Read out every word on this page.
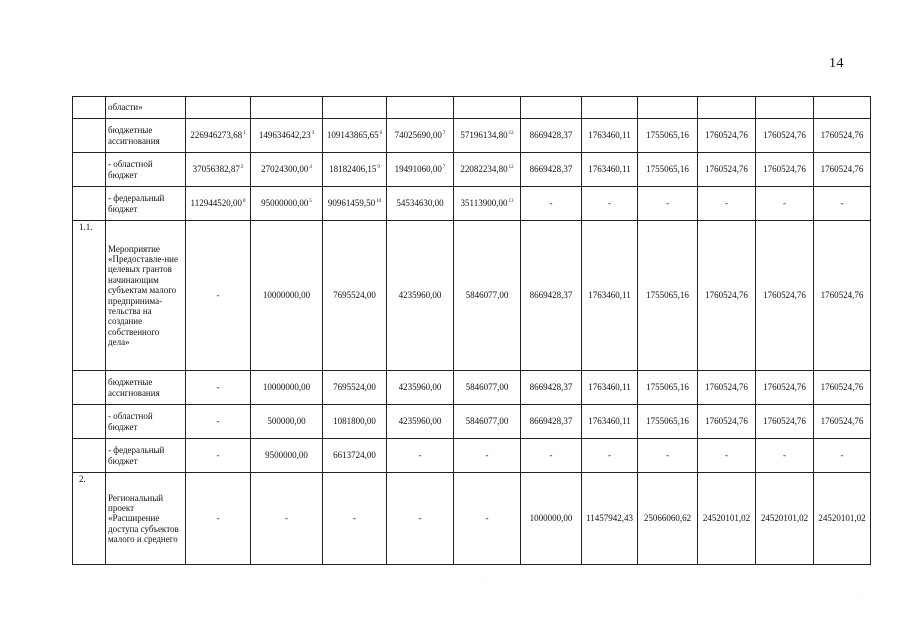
14
	области»											
	бюджетные ассигнования	226946273,68$^1$	149634642,23$^3$	109143865,65$^6$	74025690,00$^7$	57196134,80$^{12}$	8669428,37	1763460,11	1755065,16	1760524,76	1760524,76	1760524,76
	- областной бюджет	37056382,87$^2$	27024300,00$^4$	18182406,15$^9$	19491060,00$^7$	22082234,80$^{12}$	8669428,37	1763460,11	1755065,16	1760524,76	1760524,76	1760524,76
	- федеральный бюджет	112944520,00$^8$	95000000,00$^5$	90961459,50$^{10}$	54534630,00	35113900,00$^{13}$	-	-	-	-	-	-
1.1.	Мероприятие «Предоставле-ние целевых грантов начинающим субъектам малого предпринима-тельства на создание собственного дела»	-	10000000,00	7695524,00	4235960,00	5846077,00	8669428,37	1763460,11	1755065,16	1760524,76	1760524,76	1760524,76
	бюджетные ассигнования	-	10000000,00	7695524,00	4235960,00	5846077,00	8669428,37	1763460,11	1755065,16	1760524,76	1760524,76	1760524,76
	- областной бюджет	-	500000,00	1081800,00	4235960,00	5846077,00	8669428,37	1763460,11	1755065,16	1760524,76	1760524,76	1760524,76
	- федеральный бюджет	-	9500000,00	6613724,00	-	-	-	-	-	-	-	-
2.	Региональный проект «Расширение доступа субъектов малого и среднего	-	-	-	-	-	1000000,00	11457942,43	25066060,62	24520101,02	24520101,02	24520101,02
·
·
